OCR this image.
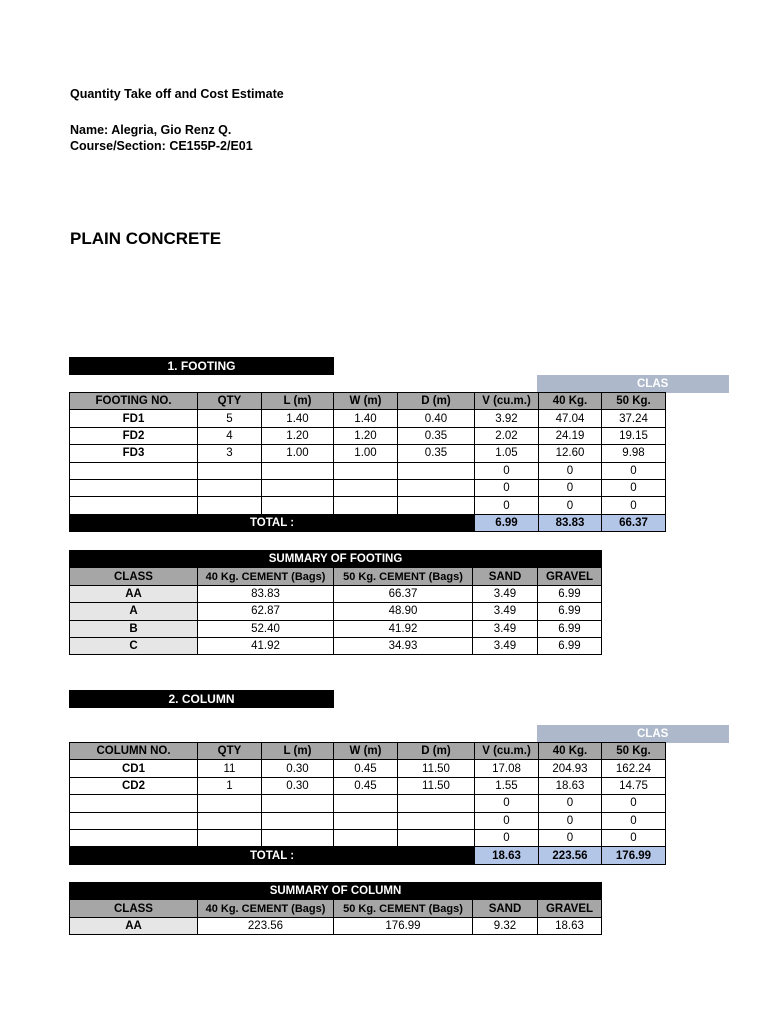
Quantity Take off and Cost Estimate
Name: Alegria, Gio Renz Q.
Course/Section: CE155P-2/E01
PLAIN CONCRETE
1. FOOTING
CLAS
FOOTING NO.	QTY	L (m)	W (m)	D (m)	V (cu.m.)	40 Kg.	50 Kg.
FD1	5	1.40	1.40	0.40	3.92	47.04	37.24
FD2	4	1.20	1.20	0.35	2.02	24.19	19.15
FD3	3	1.00	1.00	0.35	1.05	12.60	9.98
					0	0	0
					0	0	0
					0	0	0
TOTAL :					6.99	83.83	66.37
SUMMARY OF FOOTING				
CLASS	40 Kg. CEMENT (Bags)	50 Kg. CEMENT (Bags)	SAND	GRAVEL
AA	83.83	66.37	3.49	6.99
A	62.87	48.90	3.49	6.99
B	52.40	41.92	3.49	6.99
C	41.92	34.93	3.49	6.99
2. COLUMN
CLAS
COLUMN NO.	QTY	L (m)	W (m)	D (m)	V (cu.m.)	40 Kg.	50 Kg.
CD1	11	0.30	0.45	11.50	17.08	204.93	162.24
CD2	1	0.30	0.45	11.50	1.55	18.63	14.75
					0	0	0
					0	0	0
					0	0	0
TOTAL :					18.63	223.56	176.99
SUMMARY OF COLUMN				
CLASS	40 Kg. CEMENT (Bags)	50 Kg. CEMENT (Bags)	SAND	GRAVEL
AA	223.56	176.99	9.32	18.63
